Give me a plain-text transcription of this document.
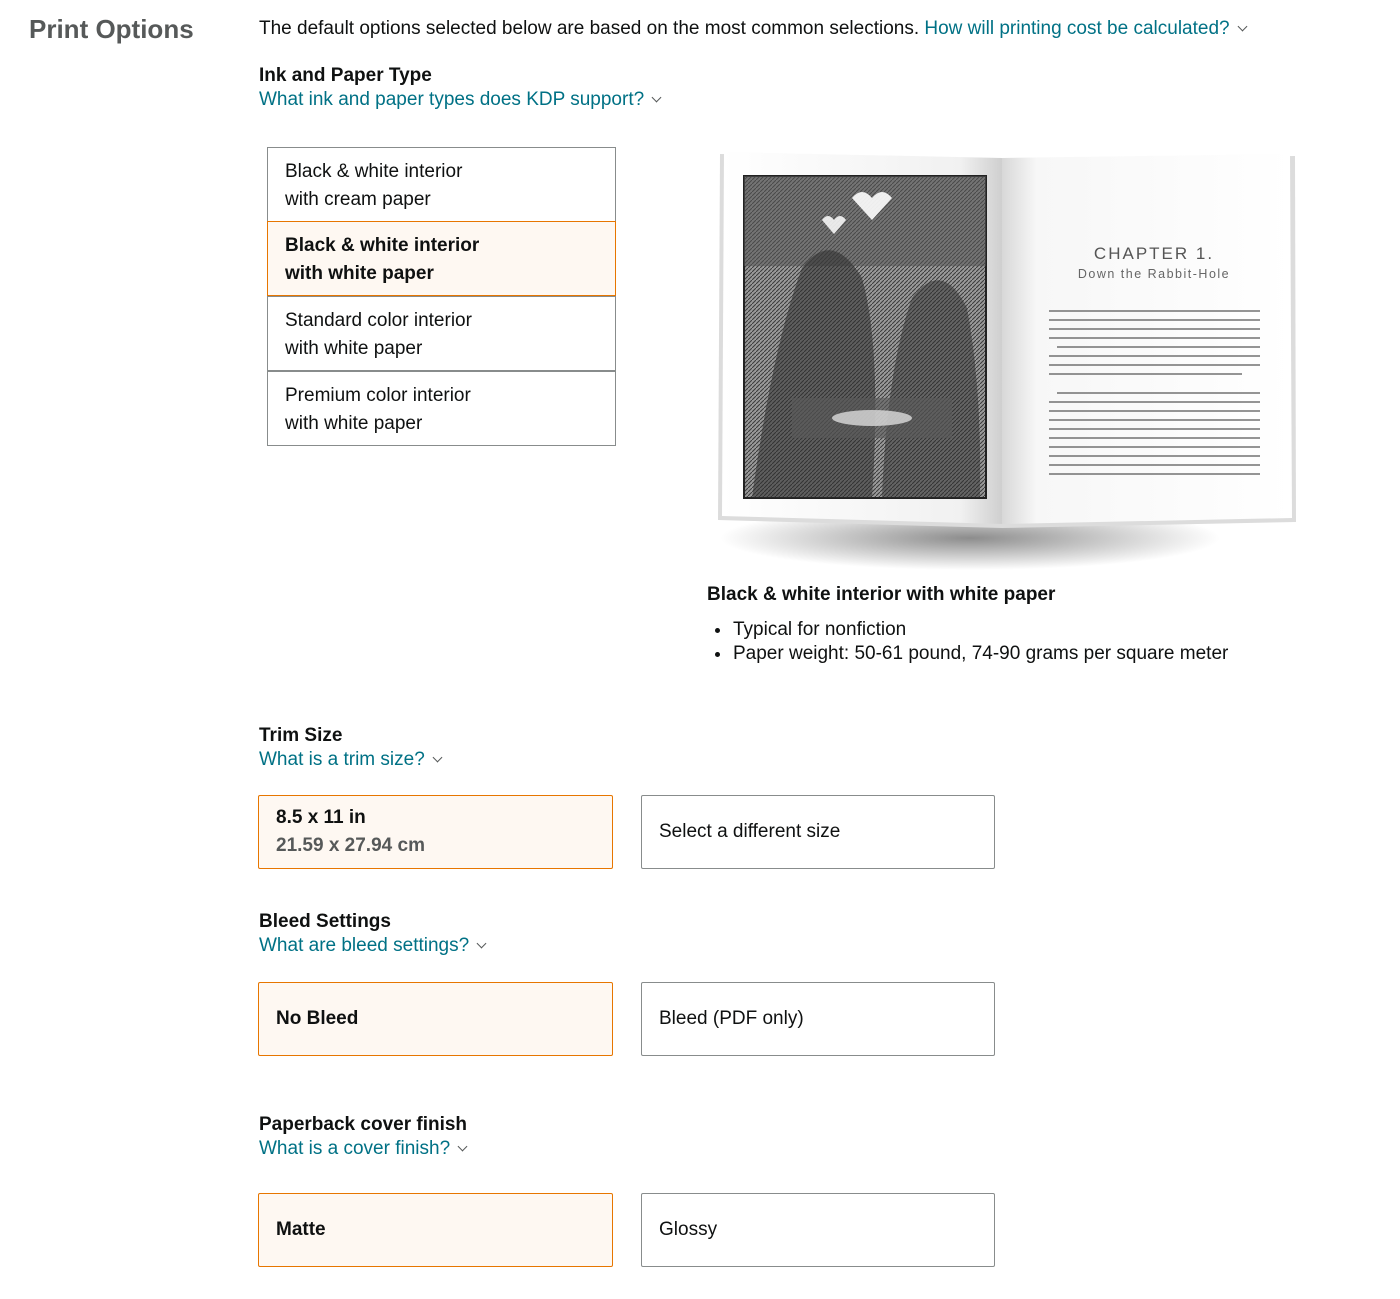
Print Options	The default options selected below are based on the most common selections. How will printing cost be calculated?
Ink and Paper Type
What ink and paper types does KDP support?
Black & white interior
with cream paper
Black & white interior
with white paper
Standard color interior
with white paper
Premium color interior
with white paper
CHAPTER 1.
Down the Rabbit-Hole
Black & white interior with white paper
Typical for nonfiction
Paper weight: 50-61 pound, 74-90 grams per square meter
Trim Size
What is a trim size?
8.5 x 11 in
21.59 x 27.94 cm
Select a different size
Bleed Settings
What are bleed settings?
No Bleed	Bleed (PDF only)
Paperback cover finish
What is a cover finish?
Matte	Glossy
